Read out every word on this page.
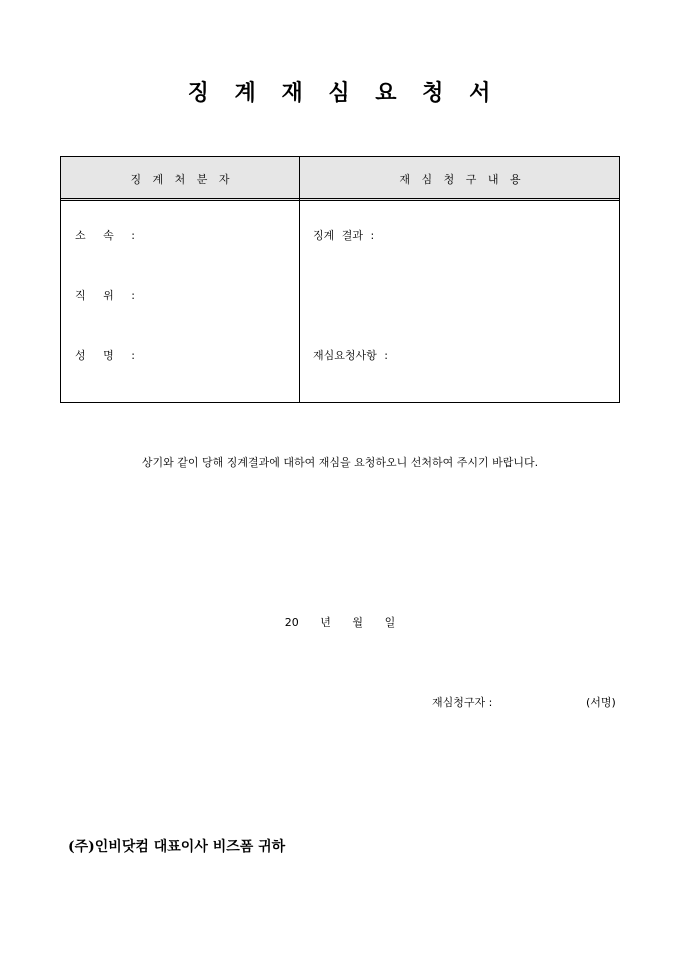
징 계 재 심 요 청 서
징 계 처 분 자	재 심 청 구 내 용
소 속 :
직 위 :
성 명 :
징계 결과 :
재심요청사항 :
상기와 같이 당해 징계결과에 대하여 재심을 요청하오니 선처하여 주시기 바랍니다.
20 년 월 일
재심청구자 :	(서명)
(주)인비닷컴 대표이사 비즈폼 귀하
